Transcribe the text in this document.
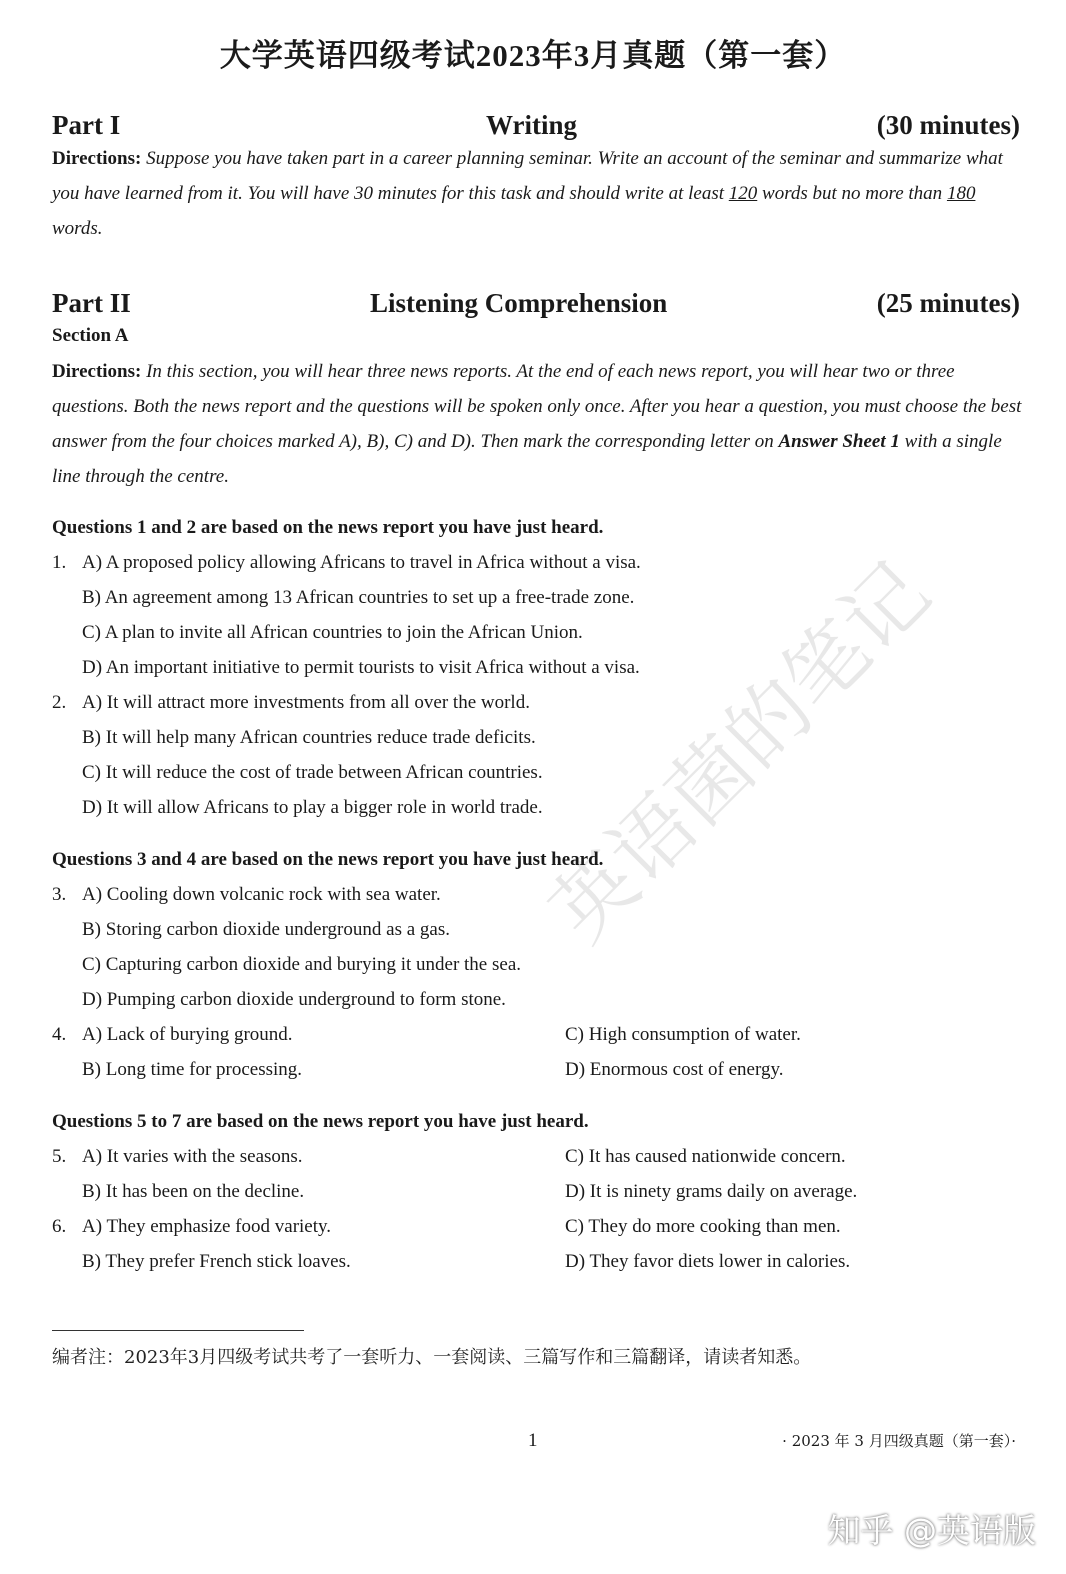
大学英语四级考试2023年3月真题（第一套）
Part I	Writing	(30 minutes)
Directions: Suppose you have taken part in a career planning seminar. Write an account of the seminar and summarize what you have learned from it. You will have 30 minutes for this task and should write at least 120 words but no more than 180 words.
Part II	Listening Comprehension	(25 minutes)
Section A
Directions: In this section, you will hear three news reports. At the end of each news report, you will hear two or three questions. Both the news report and the questions will be spoken only once. After you hear a question, you must choose the best answer from the four choices marked A), B), C) and D). Then mark the corresponding letter on Answer Sheet 1 with a single line through the centre.
Questions 1 and 2 are based on the news report you have just heard.
1. A) A proposed policy allowing Africans to travel in Africa without a visa.
B) An agreement among 13 African countries to set up a free-trade zone.
C) A plan to invite all African countries to join the African Union.
D) An important initiative to permit tourists to visit Africa without a visa.
2. A) It will attract more investments from all over the world.
B) It will help many African countries reduce trade deficits.
C) It will reduce the cost of trade between African countries.
D) It will allow Africans to play a bigger role in world trade.
Questions 3 and 4 are based on the news report you have just heard.
3. A) Cooling down volcanic rock with sea water.
B) Storing carbon dioxide underground as a gas.
C) Capturing carbon dioxide and burying it under the sea.
D) Pumping carbon dioxide underground to form stone.
4. A) Lack of burying ground.	C) High consumption of water.
B) Long time for processing.	D) Enormous cost of energy.
Questions 5 to 7 are based on the news report you have just heard.
5. A) It varies with the seasons.	C) It has caused nationwide concern.
B) It has been on the decline.	D) It is ninety grams daily on average.
6. A) They emphasize food variety.	C) They do more cooking than men.
B) They prefer French stick loaves.	D) They favor diets lower in calories.
编者注：2023年3月四级考试共考了一套听力、一套阅读、三篇写作和三篇翻译，请读者知悉。
1	· 2023 年 3 月四级真题（第一套）·
英语菌的笔记
知乎 @英语版
